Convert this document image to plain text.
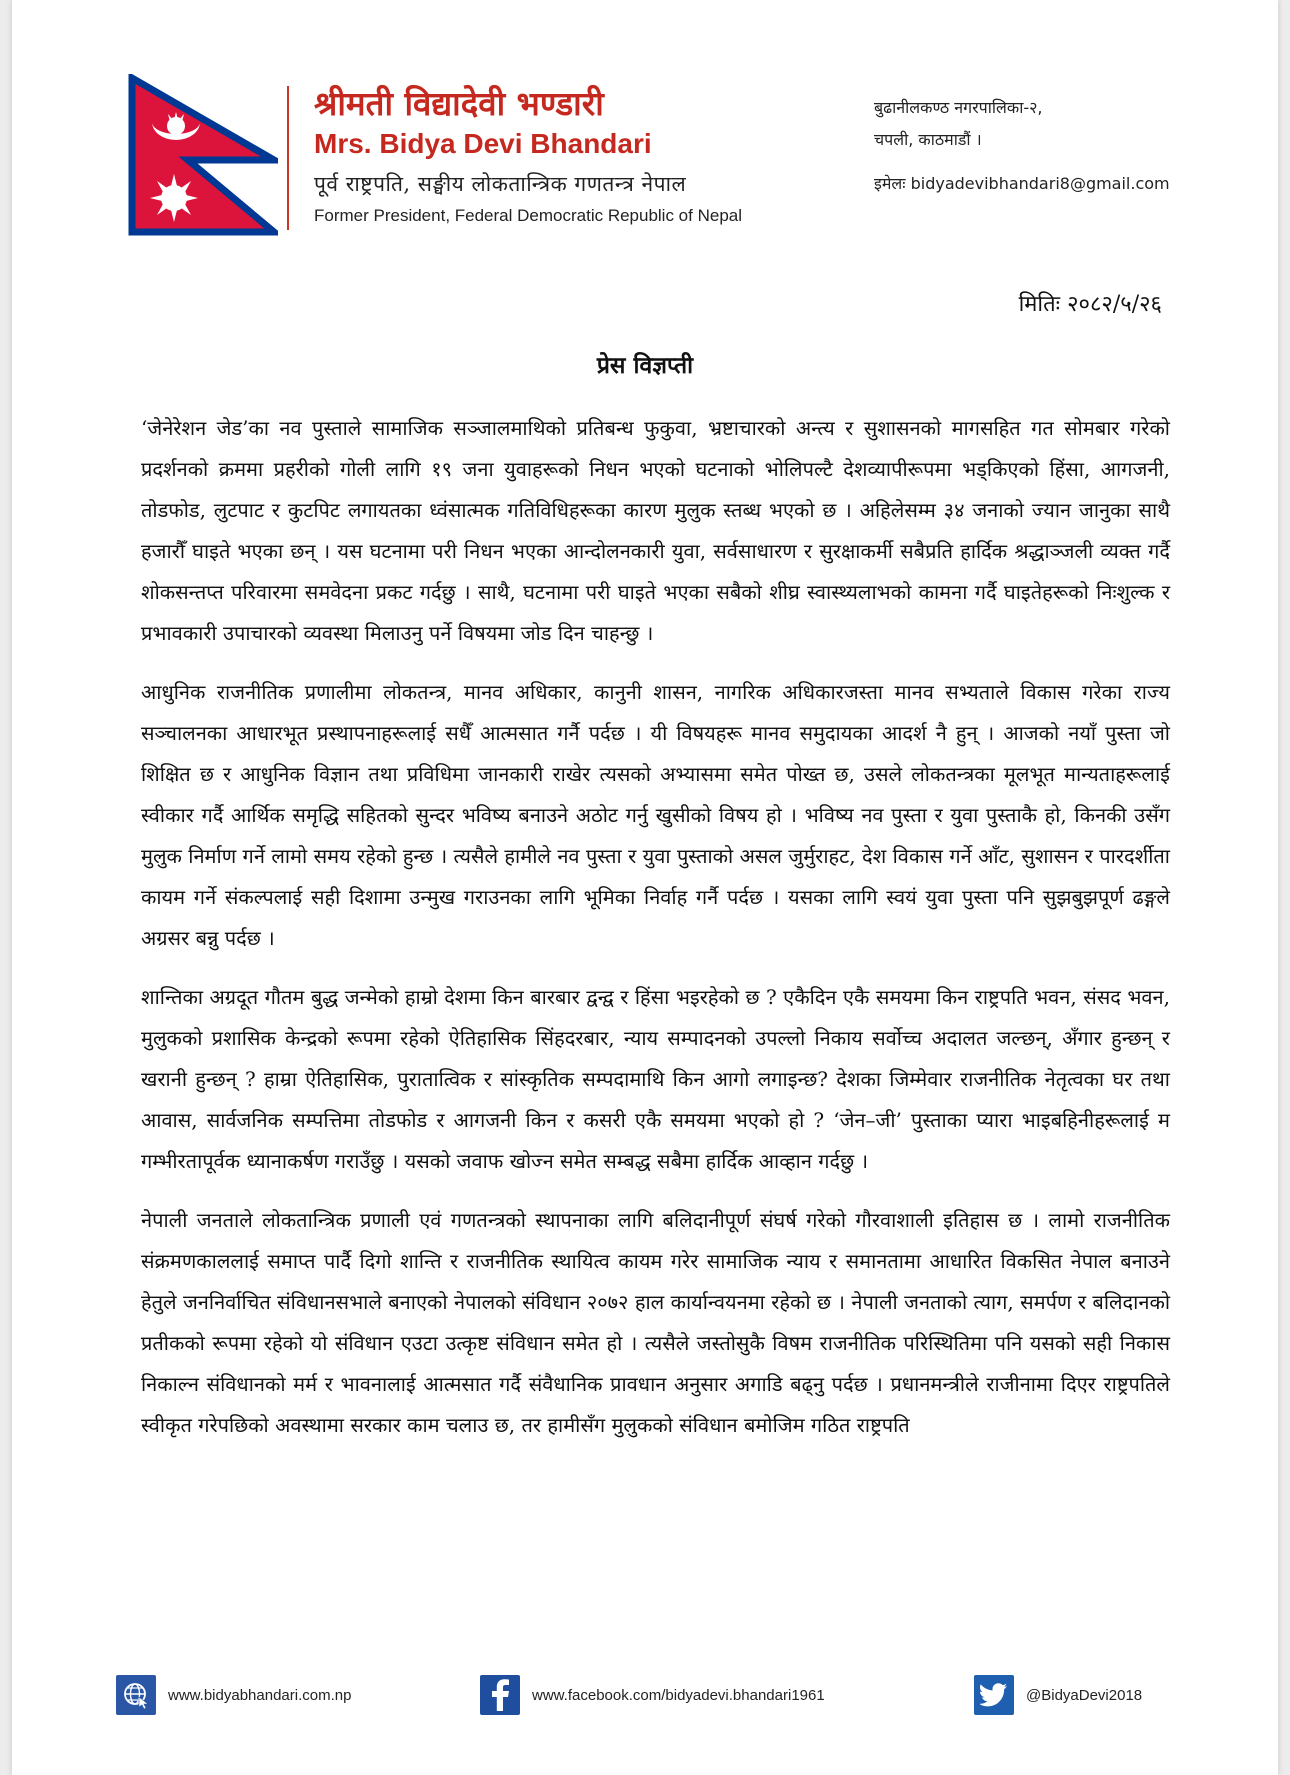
श्रीमती विद्यादेवी भण्डारी
Mrs. Bidya Devi Bhandari
पूर्व राष्ट्रपति, सङ्घीय लोकतान्त्रिक गणतन्त्र नेपाल
Former President, Federal Democratic Republic of Nepal
बुढानीलकण्ठ नगरपालिका-२,
चपली, काठमाडौं ।
इमेलः bidyadevibhandari8@gmail.com
मितिः २०८२/५/२६
प्रेस विज्ञप्ती

‘जेनेरेशन जेड’का नव पुस्ताले सामाजिक सञ्जालमाथिको प्रतिबन्ध फुकुवा, भ्रष्टाचारको अन्त्य र सुशासनको मागसहित गत सोमबार गरेको प्रदर्शनको क्रममा प्रहरीको गोली लागि १९ जना युवाहरूको निधन भएको घटनाको भोलिपल्टै देशव्यापीरूपमा भड्किएको हिंसा, आगजनी, तोडफोड, लुटपाट र कुटपिट लगायतका ध्वंसात्मक गतिविधिहरूका कारण मुलुक स्तब्ध भएको छ । अहिलेसम्म ३४ जनाको ज्यान जानुका साथै हजारौँ घाइते भएका छन् । यस घटनामा परी निधन भएका आन्दोलनकारी युवा, सर्वसाधारण र सुरक्षाकर्मी सबैप्रति हार्दिक श्रद्धाञ्जली व्यक्त गर्दै शोकसन्तप्त परिवारमा समवेदना प्रकट गर्दछु । साथै, घटनामा परी घाइते भएका सबैको शीघ्र स्वास्थ्यलाभको कामना गर्दै घाइतेहरूको निःशुल्क र प्रभावकारी उपाचारको व्यवस्था मिलाउनु पर्ने विषयमा जोड दिन चाहन्छु ।

आधुनिक राजनीतिक प्रणालीमा लोकतन्त्र, मानव अधिकार, कानुनी शासन, नागरिक अधिकारजस्ता मानव सभ्यताले विकास गरेका राज्य सञ्चालनका आधारभूत प्रस्थापनाहरूलाई सधैँ आत्मसात गर्नै पर्दछ । यी विषयहरू मानव समुदायका आदर्श नै हुन् । आजको नयाँ पुस्ता जो शिक्षित छ र आधुनिक विज्ञान तथा प्रविधिमा जानकारी राखेर त्यसको अभ्यासमा समेत पोख्त छ, उसले लोकतन्त्रका मूलभूत मान्यताहरूलाई स्वीकार गर्दै आर्थिक समृद्धि सहितको सुन्दर भविष्य बनाउने अठोट गर्नु खुसीको विषय हो । भविष्य नव पुस्ता र युवा पुस्ताकै हो, किनकी उसँग मुलुक निर्माण गर्ने लामो समय रहेको हुन्छ । त्यसैले हामीले नव पुस्ता र युवा पुस्ताको असल जुर्मुराहट, देश विकास गर्ने आँट, सुशासन र पारदर्शीता कायम गर्ने संकल्पलाई सही दिशामा उन्मुख गराउनका लागि भूमिका निर्वाह गर्नै पर्दछ । यसका लागि स्वयं युवा पुस्ता पनि सुझबुझपूर्ण ढङ्गले अग्रसर बन्नु पर्दछ ।

शान्तिका अग्रदूत गौतम बुद्ध जन्मेको हाम्रो देशमा किन बारबार द्वन्द्व र हिंसा भइरहेको छ ? एकैदिन एकै समयमा किन राष्ट्रपति भवन, संसद भवन, मुलुकको प्रशासिक केन्द्रको रूपमा रहेको ऐतिहासिक सिंहदरबार, न्याय सम्पादनको उपल्लो निकाय सर्वोच्च अदालत जल्छन्, अँगार हुन्छन् र खरानी हुन्छन् ? हाम्रा ऐतिहासिक, पुरातात्विक र सांस्कृतिक सम्पदामाथि किन आगो लगाइन्छ? देशका जिम्मेवार राजनीतिक नेतृत्वका घर तथा आवास, सार्वजनिक सम्पत्तिमा तोडफोड र आगजनी किन र कसरी एकै समयमा भएको हो ? ‘जेन–जी’ पुस्ताका प्यारा भाइबहिनीहरूलाई म गम्भीरतापूर्वक ध्यानाकर्षण गराउँछु । यसको जवाफ खोज्न समेत सम्बद्ध सबैमा हार्दिक आव्हान गर्दछु ।

नेपाली जनताले लोकतान्त्रिक प्रणाली एवं गणतन्त्रको स्थापनाका लागि बलिदानीपूर्ण संघर्ष गरेको गौरवाशाली इतिहास छ । लामो राजनीतिक संक्रमणकाललाई समाप्त पार्दै दिगो शान्ति र राजनीतिक स्थायित्व कायम गरेर सामाजिक न्याय र समानतामा आधारित विकसित नेपाल बनाउने हेतुले जननिर्वाचित संविधानसभाले बनाएको नेपालको संविधान २०७२ हाल कार्यान्वयनमा रहेको छ । नेपाली जनताको त्याग, समर्पण र बलिदानको प्रतीकको रूपमा रहेको यो संविधान एउटा उत्कृष्ट संविधान समेत हो । त्यसैले जस्तोसुकै विषम राजनीतिक परिस्थितिमा पनि यसको सही निकास निकाल्न संविधानको मर्म र भावनालाई आत्मसात गर्दै संवैधानिक प्रावधान अनुसार अगाडि बढ्नु पर्दछ । प्रधानमन्त्रीले राजीनामा दिएर राष्ट्रपतिले स्वीकृत गरेपछिको अवस्थामा सरकार काम चलाउ छ, तर हामीसँग मुलुकको संविधान बमोजिम गठित राष्ट्रपति

www.bidyabhandari.com.np	www.facebook.com/bidyadevi.bhandari1961	@BidyaDevi2018
